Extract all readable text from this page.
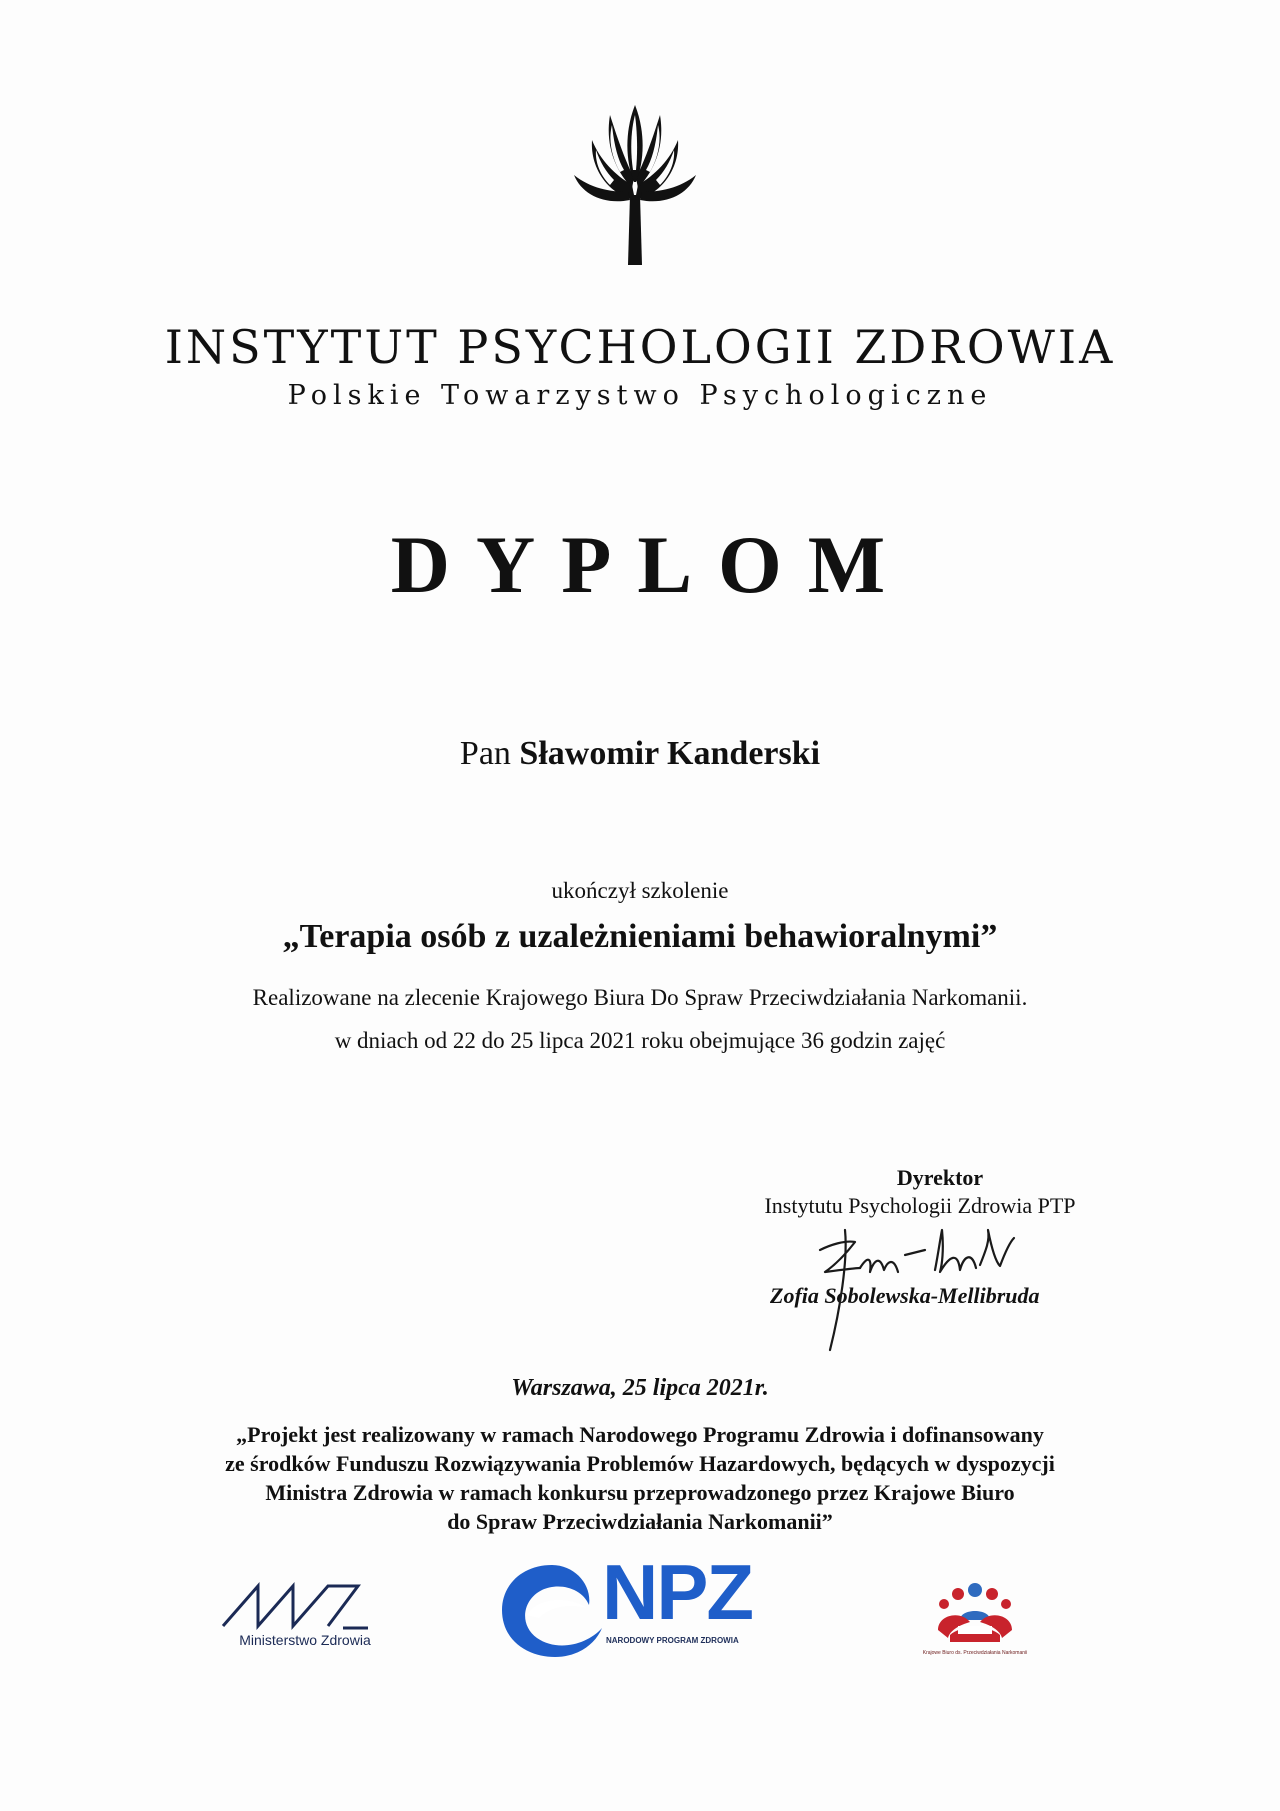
INSTYTUT PSYCHOLOGII ZDROWIA
Polskie Towarzystwo Psychologiczne
DYPLOM
Pan Sławomir Kanderski
ukończył szkolenie
„Terapia osób z uzależnieniami behawioralnymi”
Realizowane na zlecenie Krajowego Biura Do Spraw Przeciwdziałania Narkomanii.
w dniach od 22 do 25 lipca 2021 roku obejmujące 36 godzin zajęć
Dyrektor
Instytutu Psychologii Zdrowia PTP
Zofia Sobolewska-Mellibruda
Warszawa, 25 lipca 2021r.
„Projekt jest realizowany w ramach Narodowego Programu Zdrowia i dofinansowany
ze środków Funduszu Rozwiązywania Problemów Hazardowych, będących w dyspozycji
Ministra Zdrowia w ramach konkursu przeprowadzonego przez Krajowe Biuro
do Spraw Przeciwdziałania Narkomanii”
Ministerstwo Zdrowia
NPZ
NARODOWY PROGRAM ZDROWIA
Krajowe Biuro ds. Przeciwdziałania Narkomanii
